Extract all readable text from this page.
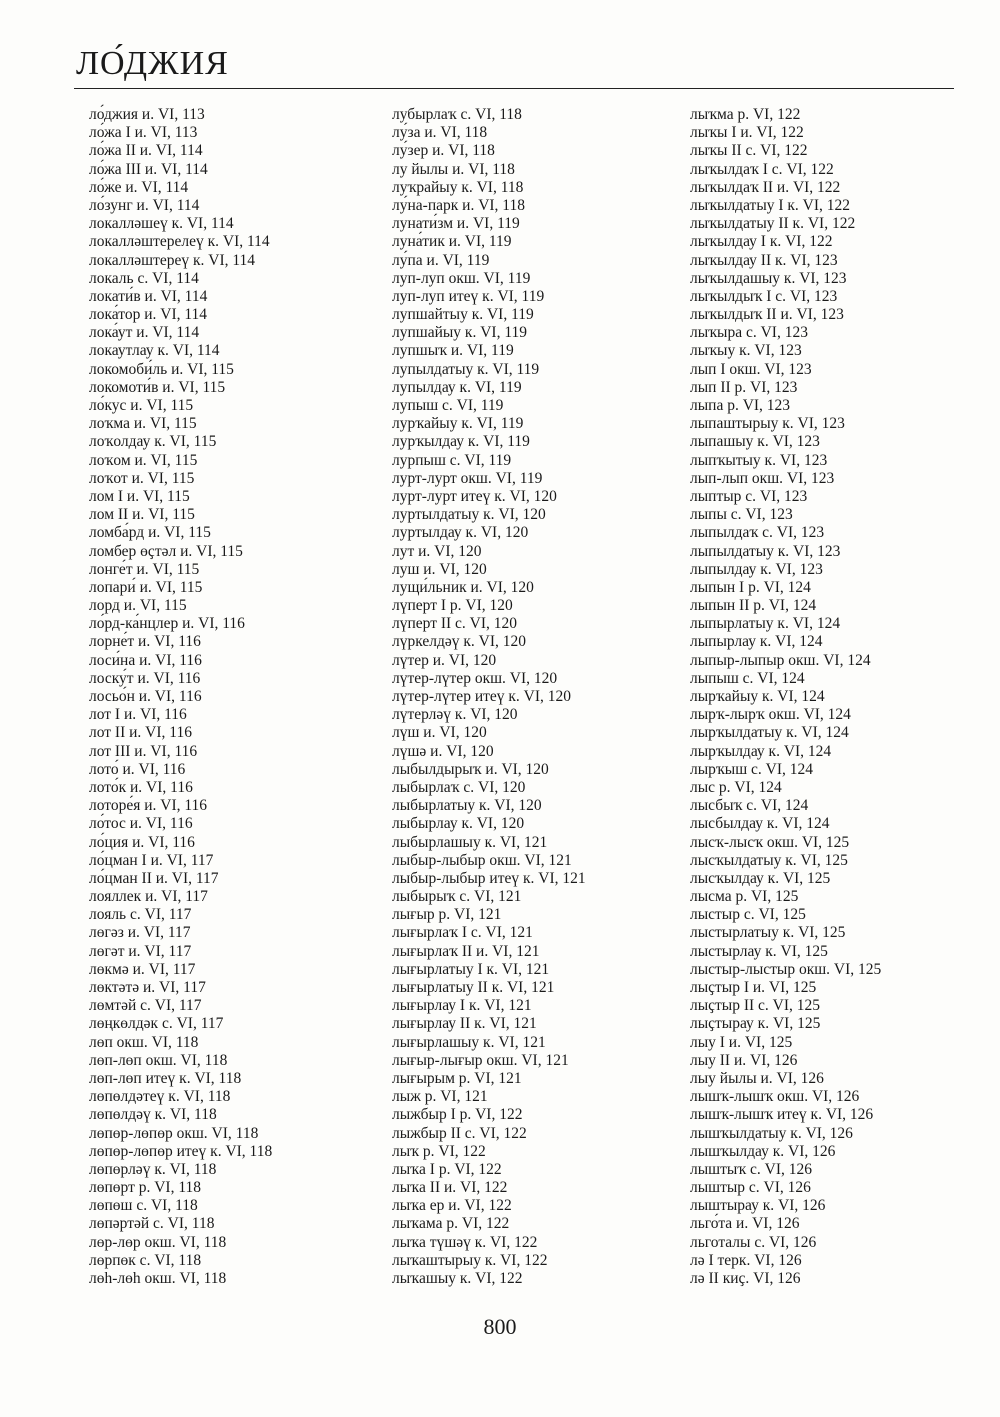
ЛО́ДЖИЯ
ло́джия и. VI, 113
ло́жа I и. VI, 113
ло́жа II и. VI, 114
ло́жа III и. VI, 114
ло́же и. VI, 114
ло́зунг и. VI, 114
локалләшеү к. VI, 114
локалләштерелеү к. VI, 114
локалләштереү к. VI, 114
локаль с. VI, 114
локати́в и. VI, 114
лока́тор и. VI, 114
лока́ут и. VI, 114
локаутлау к. VI, 114
локомоби́ль и. VI, 115
локомоти́в и. VI, 115
ло́кус и. VI, 115
лоҡма и. VI, 115
лоҡолдау к. VI, 115
лоҡом и. VI, 115
лоҡот и. VI, 115
лом I и. VI, 115
лом II и. VI, 115
ломба́рд и. VI, 115
ломбер өҫтәл и. VI, 115
лонге́т и. VI, 115
лопари́ и. VI, 115
лорд и. VI, 115
ло́рд-ка́нцлер и. VI, 116
лорне́т и. VI, 116
лоси́на и. VI, 116
лоску́т и. VI, 116
лосьо́н и. VI, 116
лот I и. VI, 116
лот II и. VI, 116
лот III и. VI, 116
лото́ и. VI, 116
лото́к и. VI, 116
лотоpе́я и. VI, 116
ло́тос и. VI, 116
ло́ция и. VI, 116
ло́цман I и. VI, 117
ло́цман II и. VI, 117
лояллек и. VI, 117
лояль с. VI, 117
лөгәз и. VI, 117
лөгәт и. VI, 117
лөкмә и. VI, 117
лөктәтә и. VI, 117
лөмтәй с. VI, 117
лөңкөлдәк с. VI, 117
лөп окш. VI, 118
лөп-лөп окш. VI, 118
лөп-лөп итеү к. VI, 118
лөпөлдәтеү к. VI, 118
лөпөлдәү к. VI, 118
лөпөр-лөпөр окш. VI, 118
лөпөр-лөпөр итеү к. VI, 118
лөпөрләү к. VI, 118
лөпөрт р. VI, 118
лөпөш с. VI, 118
лөпәртәй с. VI, 118
лөр-лөр окш. VI, 118
лөрпөк с. VI, 118
лөһ-лөһ окш. VI, 118
лубырлаҡ с. VI, 118
лу́за и. VI, 118
лу́зер и. VI, 118
лу йылы и. VI, 118
луҡрайыу к. VI, 118
лу́на-парк и. VI, 118
лунати́зм и. VI, 119
луна́тик и. VI, 119
лу́па и. VI, 119
луп-луп окш. VI, 119
луп-луп итеү к. VI, 119
лупшайтыу к. VI, 119
лупшайыу к. VI, 119
лупшыҡ и. VI, 119
лупылдатыу к. VI, 119
лупылдау к. VI, 119
лупыш с. VI, 119
лурҡайыу к. VI, 119
лурҡылдау к. VI, 119
лурпыш с. VI, 119
лурт-лурт окш. VI, 119
лурт-лурт итеү к. VI, 120
луртылдатыу к. VI, 120
луртылдау к. VI, 120
лут и. VI, 120
луш и. VI, 120
лущи́льник и. VI, 120
лүперт I р. VI, 120
лүперт II с. VI, 120
лүркелдәү к. VI, 120
лүтер и. VI, 120
лүтер-лүтер окш. VI, 120
лүтер-лүтер итеү к. VI, 120
лүтерләү к. VI, 120
лүш и. VI, 120
лүшә и. VI, 120
лыбылдырыҡ и. VI, 120
лыбырлаҡ с. VI, 120
лыбырлатыу к. VI, 120
лыбырлау к. VI, 120
лыбырлашыу к. VI, 121
лыбыр-лыбыр окш. VI, 121
лыбыр-лыбыр итеү к. VI, 121
лыбырыҡ с. VI, 121
лығыр р. VI, 121
лығырлаҡ I с. VI, 121
лығырлаҡ II и. VI, 121
лығырлатыу I к. VI, 121
лығырлатыу II к. VI, 121
лығырлау I к. VI, 121
лығырлау II к. VI, 121
лығырлашыу к. VI, 121
лығыр-лығыр окш. VI, 121
лығырым р. VI, 121
лыж р. VI, 121
лыжбыр I р. VI, 122
лыжбыр II с. VI, 122
лыҡ р. VI, 122
лыҡа I р. VI, 122
лыҡа II и. VI, 122
лыҡа ер и. VI, 122
лыҡама р. VI, 122
лыҡа түшәү к. VI, 122
лыҡаштырыу к. VI, 122
лыҡашыу к. VI, 122
лыҡма р. VI, 122
лыҡы I и. VI, 122
лыҡы II с. VI, 122
лыҡылдаҡ I с. VI, 122
лыҡылдаҡ II и. VI, 122
лыҡылдатыу I к. VI, 122
лыҡылдатыу II к. VI, 122
лыҡылдау I к. VI, 122
лыҡылдау II к. VI, 123
лыҡылдашыу к. VI, 123
лыҡылдыҡ I с. VI, 123
лыҡылдыҡ II и. VI, 123
лыҡыра с. VI, 123
лыҡыу к. VI, 123
лып I окш. VI, 123
лып II р. VI, 123
лыпа р. VI, 123
лыпаштырыу к. VI, 123
лыпашыу к. VI, 123
лыпҡытыу к. VI, 123
лып-лып окш. VI, 123
лыптыр с. VI, 123
лыпы с. VI, 123
лыпылдаҡ с. VI, 123
лыпылдатыу к. VI, 123
лыпылдау к. VI, 123
лыпын I р. VI, 124
лыпын II р. VI, 124
лыпырлатыу к. VI, 124
лыпырлау к. VI, 124
лыпыр-лыпыр окш. VI, 124
лыпыш с. VI, 124
лырҡайыу к. VI, 124
лырҡ-лырҡ окш. VI, 124
лырҡылдатыу к. VI, 124
лырҡылдау к. VI, 124
лырҡыш с. VI, 124
лыс р. VI, 124
лысбыҡ с. VI, 124
лысбылдау к. VI, 124
лысҡ-лысҡ окш. VI, 125
лысҡылдатыу к. VI, 125
лысҡылдау к. VI, 125
лысма р. VI, 125
лыстыр с. VI, 125
лыстырлатыу к. VI, 125
лыстырлау к. VI, 125
лыстыр-лыстыр окш. VI, 125
лыҫтыр I и. VI, 125
лыҫтыр II с. VI, 125
лыҫтырау к. VI, 125
лыу I и. VI, 125
лыу II и. VI, 126
лыу йылы и. VI, 126
лышҡ-лышҡ окш. VI, 126
лышҡ-лышҡ итеү к. VI, 126
лышҡылдатыу к. VI, 126
лышҡылдау к. VI, 126
лыштыҡ с. VI, 126
лыштыр с. VI, 126
лыштырау к. VI, 126
льго́та и. VI, 126
льготалы с. VI, 126
лә I терк. VI, 126
лә II киҫ. VI, 126
800
